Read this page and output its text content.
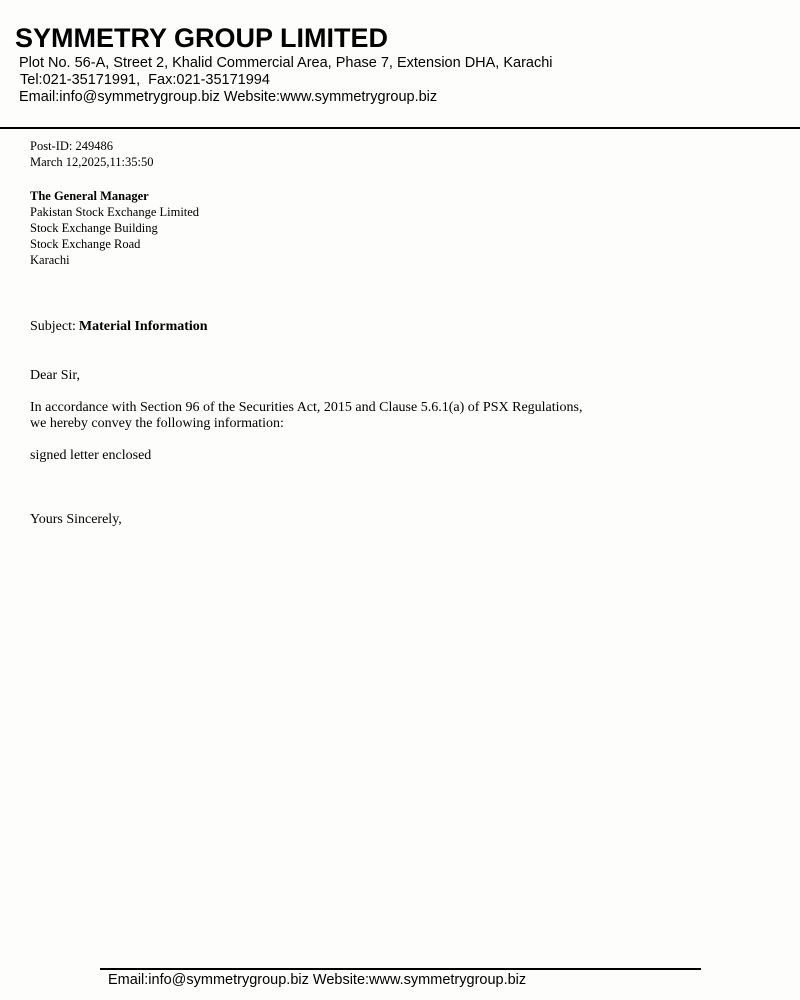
SYMMETRY GROUP LIMITED
Plot No. 56-A, Street 2, Khalid Commercial Area, Phase 7, Extension DHA, Karachi
Tel:021-35171991,  Fax:021-35171994
Email:info@symmetrygroup.biz Website:www.symmetrygroup.biz
Post-ID: 249486
March 12,2025,11:35:50
The General Manager
Pakistan Stock Exchange Limited
Stock Exchange Building
Stock Exchange Road
Karachi
Subject: Material Information
Dear Sir,
In accordance with Section 96 of the Securities Act, 2015 and Clause 5.6.1(a) of PSX Regulations,
we hereby convey the following information:
signed letter enclosed
Yours Sincerely,
Email:info@symmetrygroup.biz Website:www.symmetrygroup.biz
